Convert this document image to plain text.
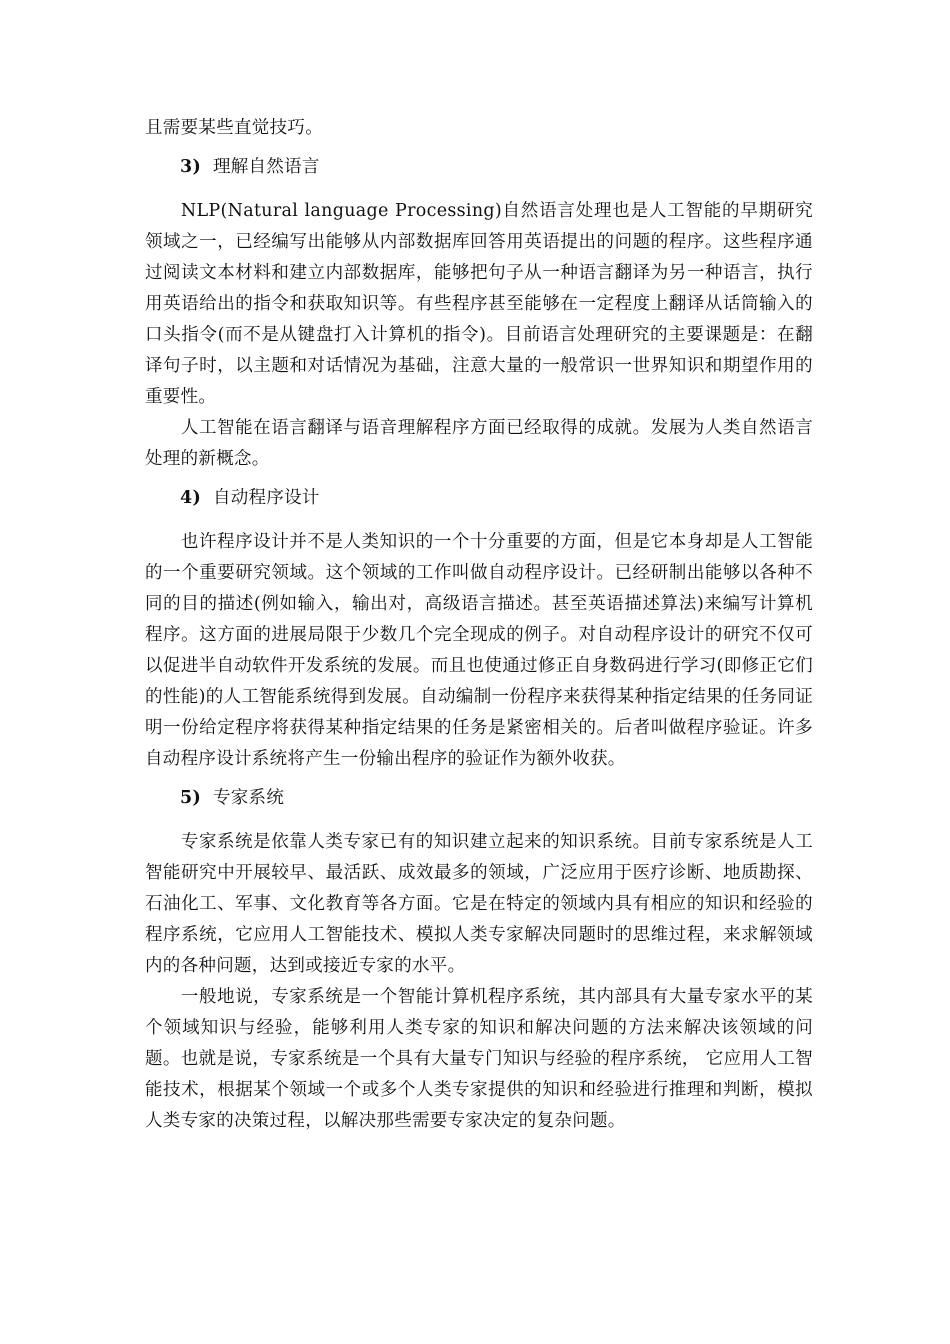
且需要某些直觉技巧。

3) 理解自然语言

NLP(Natural language Processing)自然语言处理也是人工智能的早期研究领域之一，已经编写出能够从内部数据库回答用英语提出的问题的程序。这些程序通过阅读文本材料和建立内部数据库，能够把句子从一种语言翻译为另一种语言，执行用英语给出的指令和获取知识等。有些程序甚至能够在一定程度上翻译从话筒输入的口头指令(而不是从键盘打入计算机的指令)。目前语言处理研究的主要课题是：在翻译句子时，以主题和对话情况为基础，注意大量的一般常识一世界知识和期望作用的重要性。

人工智能在语言翻译与语音理解程序方面已经取得的成就。发展为人类自然语言处理的新概念。

4) 自动程序设计

也许程序设计并不是人类知识的一个十分重要的方面，但是它本身却是人工智能的一个重要研究领域。这个领域的工作叫做自动程序设计。已经研制出能够以各种不同的目的描述(例如输入，输出对，高级语言描述。甚至英语描述算法)来编写计算机程序。这方面的进展局限于少数几个完全现成的例子。对自动程序设计的研究不仅可以促进半自动软件开发系统的发展。而且也使通过修正自身数码进行学习(即修正它们的性能)的人工智能系统得到发展。自动编制一份程序来获得某种指定结果的任务同证明一份给定程序将获得某种指定结果的任务是紧密相关的。后者叫做程序验证。许多自动程序设计系统将产生一份输出程序的验证作为额外收获。

5) 专家系统

专家系统是依靠人类专家已有的知识建立起来的知识系统。目前专家系统是人工智能研究中开展较早、最活跃、成效最多的领域，广泛应用于医疗诊断、地质勘探、石油化工、军事、文化教育等各方面。它是在特定的领域内具有相应的知识和经验的程序系统，它应用人工智能技术、模拟人类专家解决同题时的思维过程，来求解领域内的各种问题，达到或接近专家的水平。

一般地说，专家系统是一个智能计算机程序系统，其内部具有大量专家水平的某个领域知识与经验，能够利用人类专家的知识和解决问题的方法来解决该领域的问题。也就是说，专家系统是一个具有大量专门知识与经验的程序系统， 它应用人工智能技术，根据某个领域一个或多个人类专家提供的知识和经验进行推理和判断，模拟人类专家的决策过程，以解决那些需要专家决定的复杂问题。
